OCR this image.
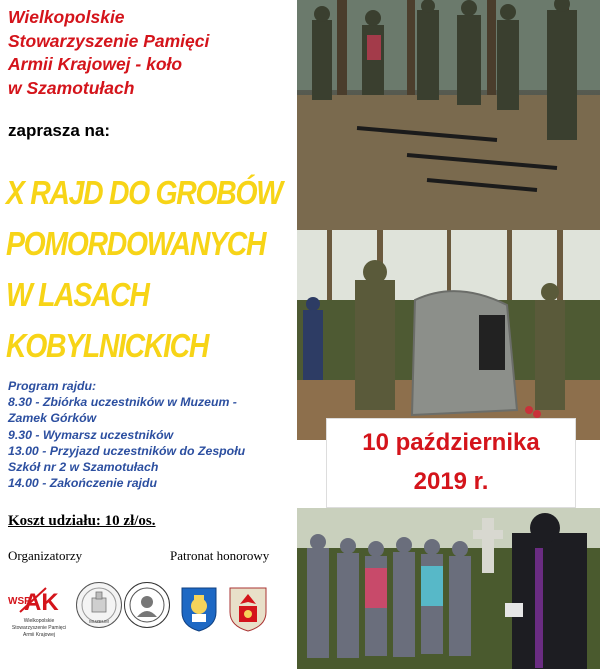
Wielkopolskie
Stowarzyszenie Pamięci
Armii Krajowej - koło
w Szamotułach
zaprasza na:
X RAJD DO GROBÓW
POMORDOWANYCH
W LASACH
KOBYLNICKICH
Program rajdu:
8.30 - Zbiórka uczestników w Muzeum -
Zamek Górków
9.30 - Wymarsz uczestników
13.00 - Przyjazd uczestników do Zespołu
Szkół nr 2 w Szamotułach
14.00 - Zakończenie rajdu
Koszt udziału: 10 zł/os.
Organizatorzy	Patronat honorowy
WSP
AK
Wielkopolskie
Stowarzyszenie Pamięci
Armii Krajowej
MUZEUM
10 października
2019 r.
